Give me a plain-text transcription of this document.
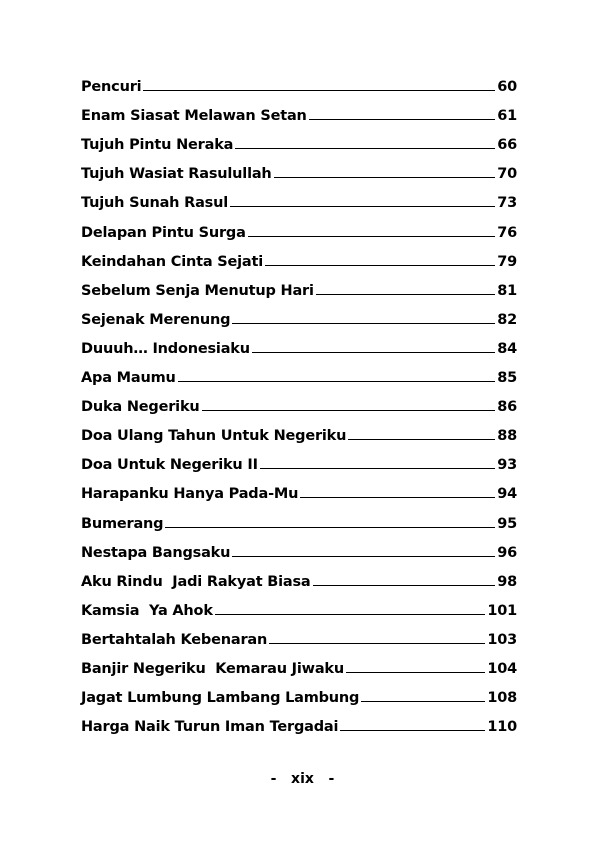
Pencuri	60
Enam Siasat Melawan Setan	61
Tujuh Pintu Neraka	66
Tujuh Wasiat Rasulullah	70
Tujuh Sunah Rasul	73
Delapan Pintu Surga	76
Keindahan Cinta Sejati	79
Sebelum Senja Menutup Hari	81
Sejenak Merenung	82
Duuuh… Indonesiaku	84
Apa Maumu	85
Duka Negeriku	86
Doa Ulang Tahun Untuk Negeriku	88
Doa Untuk Negeriku II	93
Harapanku Hanya Pada-Mu	94
Bumerang	95
Nestapa Bangsaku	96
Aku Rindu  Jadi Rakyat Biasa	98
Kamsia  Ya Ahok	101
Bertahtalah Kebenaran	103
Banjir Negeriku  Kemarau Jiwaku	104
Jagat Lumbung Lambang Lambung	108
Harga Naik Turun Iman Tergadai	110
-   xix   -
